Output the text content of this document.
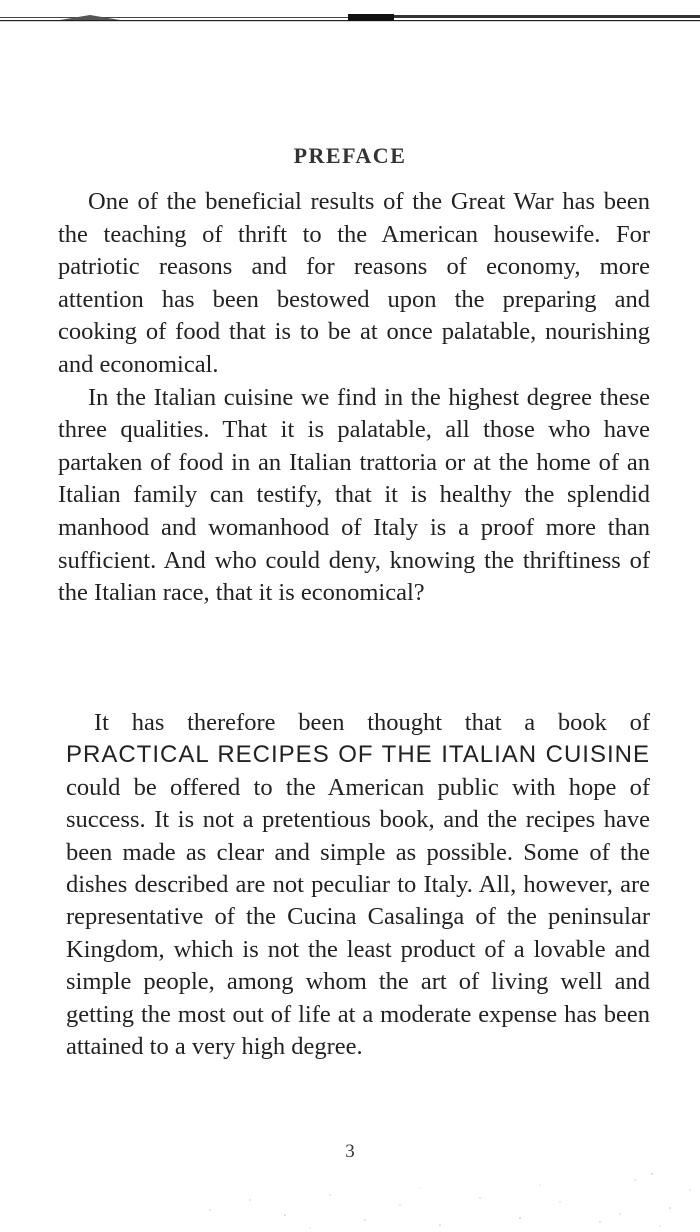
PREFACE

One of the beneficial results of the Great War has been the teaching of thrift to the American housewife. For patriotic reasons and for reasons of economy, more attention has been bestowed upon the preparing and cooking of food that is to be at once palatable, nourishing and economical.

In the Italian cuisine we find in the highest degree these three qualities. That it is palatable, all those who have partaken of food in an Italian trattoria or at the home of an Italian family can testify, that it is healthy the splendid manhood and womanhood of Italy is a proof more than sufficient. And who could deny, knowing the thriftiness of the Italian race, that it is economical?

It has therefore been thought that a book of PRACTICAL RECIPES OF THE ITALIAN CUISINE could be offered to the American public with hope of success. It is not a pretentious book, and the recipes have been made as clear and simple as possible. Some of the dishes described are not peculiar to Italy. All, however, are representative of the Cucina Casalinga of the peninsular Kingdom, which is not the least product of a lovable and simple people, among whom the art of living well and getting the most out of life at a moderate expense has been attained to a very high degree.

3
